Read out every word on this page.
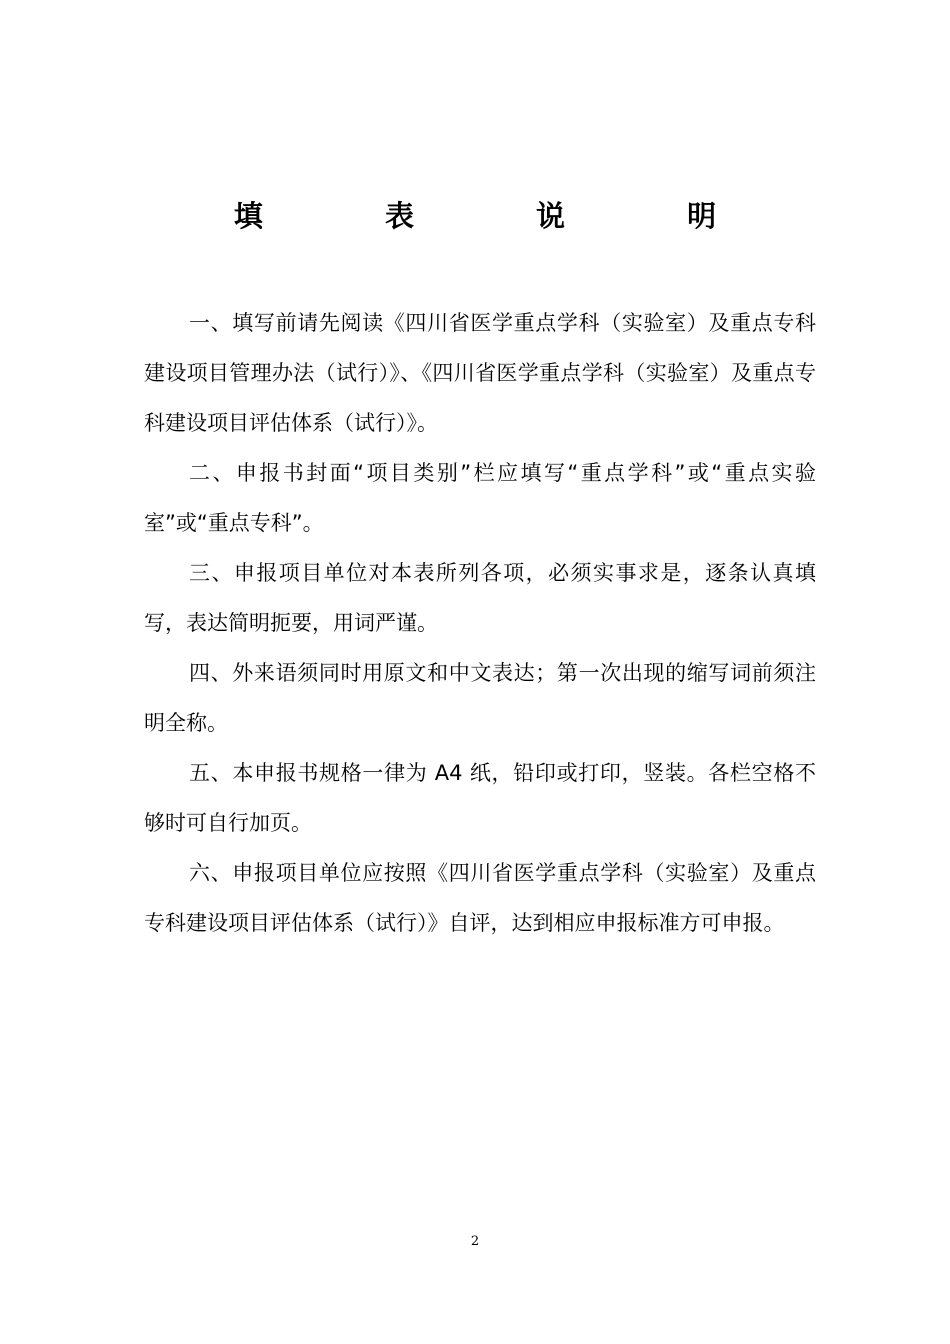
填 表 说 明

一、填写前请先阅读《四川省医学重点学科（实验室）及重点专科建设项目管理办法（试行）》、《四川省医学重点学科（实验室）及重点专科建设项目评估体系（试行）》。

二、申报书封面“项目类别”栏应填写“重点学科”或“重点实验室”或“重点专科”。

三、申报项目单位对本表所列各项，必须实事求是，逐条认真填写，表达简明扼要，用词严谨。

四、外来语须同时用原文和中文表达；第一次出现的缩写词前须注明全称。

五、本申报书规格一律为 A4 纸，铅印或打印，竖装。各栏空格不够时可自行加页。

六、申报项目单位应按照《四川省医学重点学科（实验室）及重点专科建设项目评估体系（试行）》自评，达到相应申报标准方可申报。

2
